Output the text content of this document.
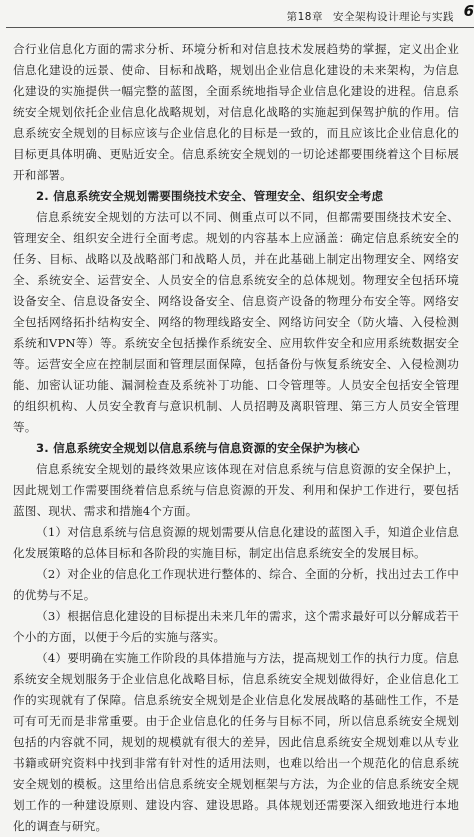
第18章 安全架构设计理论与实践 6

合行业信息化方面的需求分析、环境分析和对信息技术发展趋势的掌握，定义出企业信息化建设的远景、使命、目标和战略，规划出企业信息化建设的未来架构，为信息化建设的实施提供一幅完整的蓝图，全面系统地指导企业信息化建设的进程。信息系统安全规划依托企业信息化战略规划，对信息化战略的实施起到保驾护航的作用。信息系统安全规划的目标应该与企业信息化的目标是一致的，而且应该比企业信息化的目标更具体明确、更贴近安全。信息系统安全规划的一切论述都要围绕着这个目标展开和部署。

2. 信息系统安全规划需要围绕技术安全、管理安全、组织安全考虑

信息系统安全规划的方法可以不同、侧重点可以不同，但都需要围绕技术安全、管理安全、组织安全进行全面考虑。规划的内容基本上应涵盖：确定信息系统安全的任务、目标、战略以及战略部门和战略人员，并在此基础上制定出物理安全、网络安全、系统安全、运营安全、人员安全的信息系统安全的总体规划。物理安全包括环境设备安全、信息设备安全、网络设备安全、信息资产设备的物理分布安全等。网络安全包括网络拓扑结构安全、网络的物理线路安全、网络访问安全（防火墙、入侵检测系统和VPN等）等。系统安全包括操作系统安全、应用软件安全和应用系统数据安全等。运营安全应在控制层面和管理层面保障，包括备份与恢复系统安全、入侵检测功能、加密认证功能、漏洞检查及系统补丁功能、口令管理等。人员安全包括安全管理的组织机构、人员安全教育与意识机制、人员招聘及离职管理、第三方人员安全管理等。

3. 信息系统安全规划以信息系统与信息资源的安全保护为核心

信息系统安全规划的最终效果应该体现在对信息系统与信息资源的安全保护上，因此规划工作需要围绕着信息系统与信息资源的开发、利用和保护工作进行，要包括蓝图、现状、需求和措施4个方面。

（1）对信息系统与信息资源的规划需要从信息化建设的蓝图入手，知道企业信息化发展策略的总体目标和各阶段的实施目标，制定出信息系统安全的发展目标。

（2）对企业的信息化工作现状进行整体的、综合、全面的分析，找出过去工作中的优势与不足。

（3）根据信息化建设的目标提出未来几年的需求，这个需求最好可以分解成若干个小的方面，以便于今后的实施与落实。

（4）要明确在实施工作阶段的具体措施与方法，提高规划工作的执行力度。信息系统安全规划服务于企业信息化战略目标，信息系统安全规划做得好，企业信息化工作的实现就有了保障。信息系统安全规划是企业信息化发展战略的基础性工作，不是可有可无而是非常重要。由于企业信息化的任务与目标不同，所以信息系统安全规划包括的内容就不同，规划的规模就有很大的差异，因此信息系统安全规划难以从专业书籍或研究资料中找到非常有针对性的适用法则，也难以给出一个规范化的信息系统安全规划的模板。这里给出信息系统安全规划框架与方法，为企业的信息系统安全规划工作的一种建设原则、建设内容、建设思路。具体规划还需要深入细致地进行本地化的调查与研究。
